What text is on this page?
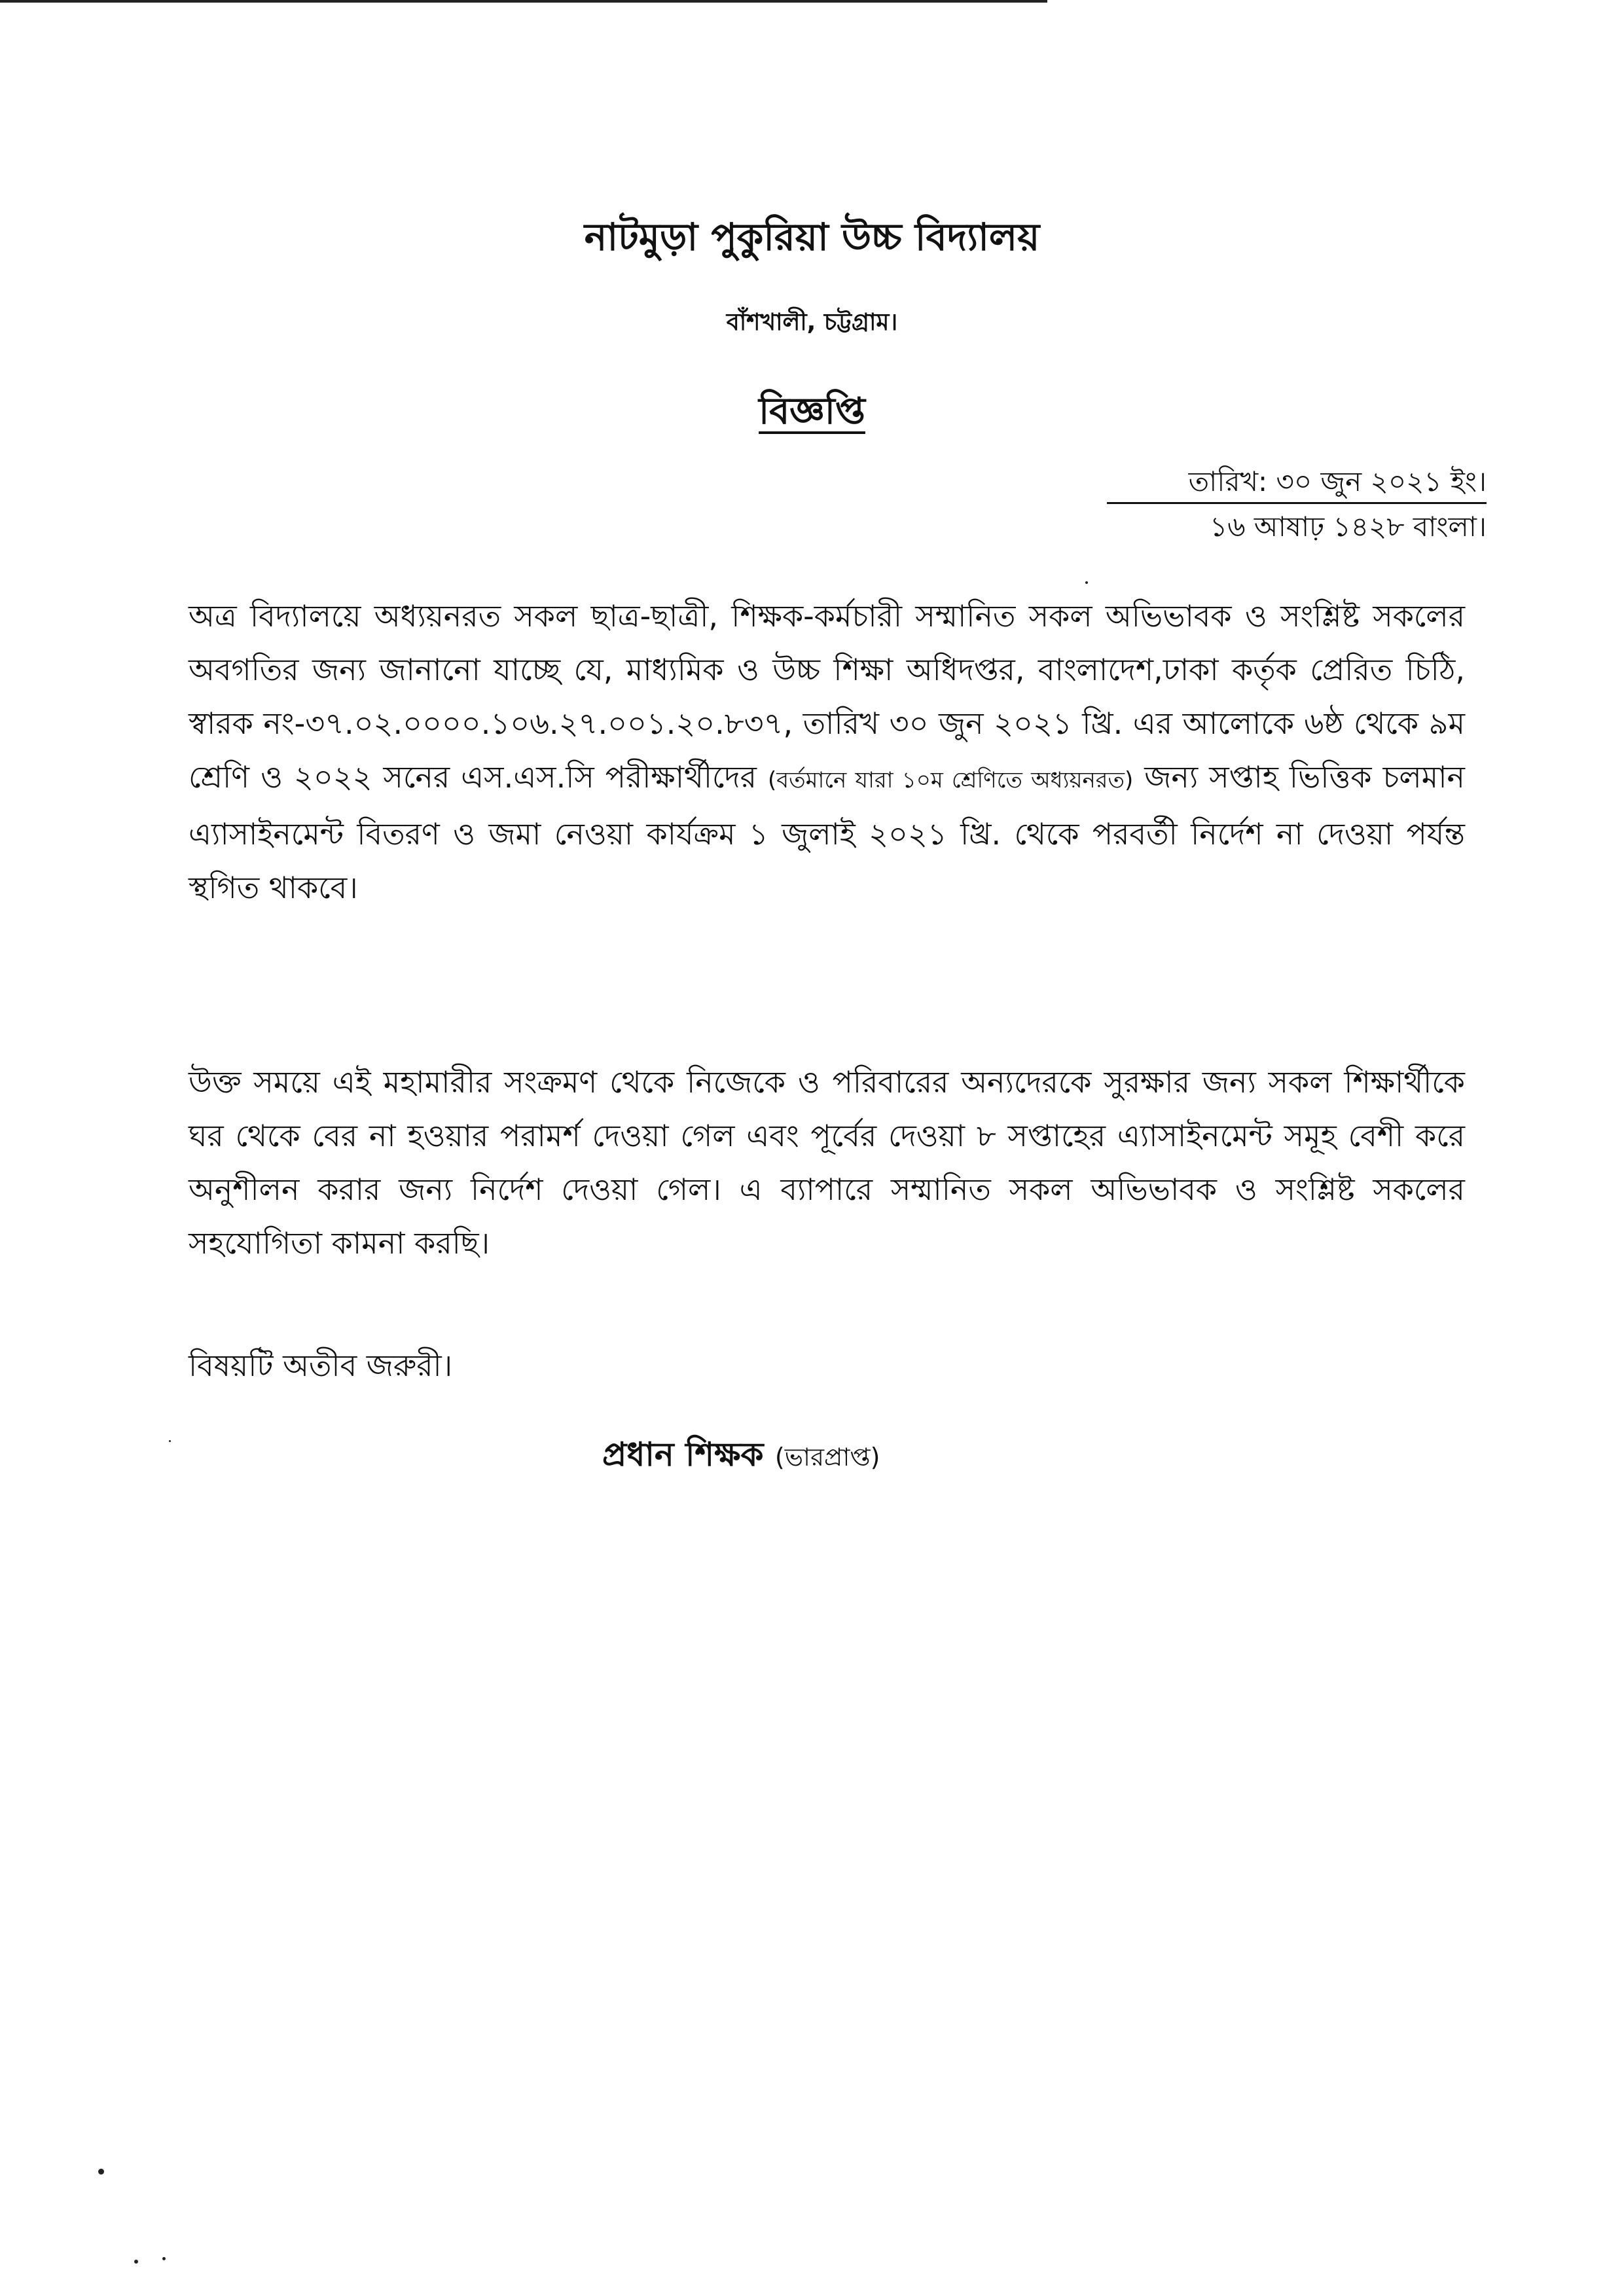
নাটমুড়া পুকুরিয়া উচ্চ বিদ্যালয়
বাঁশখালী, চট্টগ্রাম।
বিজ্ঞপ্তি
তারিখ: ৩০ জুন ২০২১ ইং।
১৬ আষাঢ় ১৪২৮ বাংলা।

অত্র বিদ্যালয়ে অধ্যয়নরত সকল ছাত্র-ছাত্রী, শিক্ষক-কর্মচারী সম্মানিত সকল অভিভাবক ও সংশ্লিষ্ট সকলের অবগতির জন্য জানানো যাচ্ছে যে, মাধ্যমিক ও উচ্চ শিক্ষা অধিদপ্তর, বাংলাদেশ,ঢাকা কর্তৃক প্রেরিত চিঠি, স্বারক নং-৩৭.০২.০০০০.১০৬.২৭.০০১.২০.৮৩৭, তারিখ ৩০ জুন ২০২১ খ্রি. এর আলোকে ৬ষ্ঠ থেকে ৯ম শ্রেণি ও ২০২২ সনের এস.এস.সি পরীক্ষার্থীদের (বর্তমানে যারা ১০ম শ্রেণিতে অধ্যয়নরত) জন্য সপ্তাহ ভিত্তিক চলমান এ্যাসাইনমেন্ট বিতরণ ও জমা নেওয়া কার্যক্রম ১ জুলাই ২০২১ খ্রি. থেকে পরবর্তী নির্দেশ না দেওয়া পর্যন্ত স্থগিত থাকবে।

উক্ত সময়ে এই মহামারীর সংক্রমণ থেকে নিজেকে ও পরিবারের অন্যদেরকে সুরক্ষার জন্য সকল শিক্ষার্থীকে ঘর থেকে বের না হওয়ার পরামর্শ দেওয়া গেল এবং পূর্বের দেওয়া ৮ সপ্তাহের এ্যাসাইনমেন্ট সমূহ বেশী করে অনুশীলন করার জন্য নির্দেশ দেওয়া গেল। এ ব্যাপারে সম্মানিত সকল অভিভাবক ও সংশ্লিষ্ট সকলের সহযোগিতা কামনা করছি।

বিষয়টি অতীব জরুরী।

প্রধান শিক্ষক (ভারপ্রাপ্ত)
